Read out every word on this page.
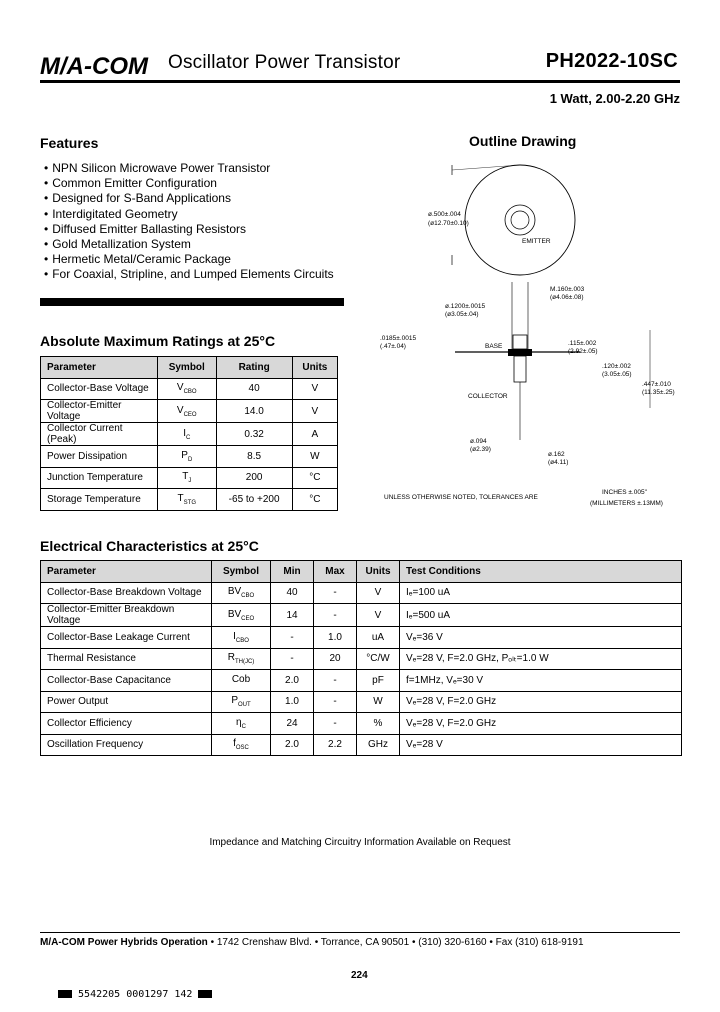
M/A-COM Oscillator Power Transistor	PH2022-10SC
1 Watt, 2.00-2.20 GHz
Features
• NPN Silicon Microwave Power Transistor
• Common Emitter Configuration
• Designed for S-Band Applications
• Interdigitated Geometry
• Diffused Emitter Ballasting Resistors
• Gold Metallization System
• Hermetic Metal/Ceramic Package
• For Coaxial, Stripline, and Lumped Elements Circuits
Outline Drawing
ø.500±.004
(ø12.70±0.10)
EMITTER
M.160±.003
(ø4.06±.08)
ø.1200±.0015
(ø3.05±.04)
.0185±.0015
(.47±.04)	BASE	.115±.002
(2.92±.05)
.120±.002
(3.05±.05)
.447±.010
(11.35±.25)
COLLECTOR
ø.094
(ø2.39)
ø.162
(ø4.11)
UNLESS OTHERWISE NOTED, TOLERANCES ARE
INCHES ±.005"
(MILLIMETERS ±.13MM)
Absolute Maximum Ratings at 25°C
Parameter	Symbol	Rating	Units
Collector-Base Voltage	$V_{CBO}$	40	V
Collector-Emitter Voltage	$V_{CEO}$	14.0	V
Collector Current (Peak)	$I_C$	0.32	A
Power Dissipation	$P_D$	8.5	W
Junction Temperature	$T_J$	200	°C
Storage Temperature	$T_{STG}$	-65 to +200	°C
Electrical Characteristics at 25°C
Parameter	Symbol	Min	Max	Units	Test Conditions
Collector-Base Breakdown Voltage	$BV_{CBO}$	40	-	V	Iₑ=100 uA
Collector-Emitter Breakdown Voltage	$BV_{CEO}$	14	-	V	Iₑ=500 uA
Collector-Base Leakage Current	$I_{CBO}$	-	1.0	uA	Vₑ=36 V
Thermal Resistance	$R_{TH(JC)}$	-	20	°C/W	Vₑ=28 V, F=2.0 GHz, Pₒₗₜ=1.0 W
Collector-Base Capacitance	Cob	2.0	-	pF	f=1MHz, Vₑ=30 V
Power Output	$P_{OUT}$	1.0	-	W	Vₑ=28 V, F=2.0 GHz
Collector Efficiency	$\eta_C$	24	-	%	Vₑ=28 V, F=2.0 GHz
Oscillation Frequency	$f_{OSC}$	2.0	2.2	GHz	Vₑ=28 V
Impedance and Matching Circuitry Information Available on Request
M/A-COM Power Hybrids Operation • 1742 Crenshaw Blvd. • Torrance, CA 90501 • (310) 320-6160 • Fax (310) 618-9191
224
5542205 0001297 142
